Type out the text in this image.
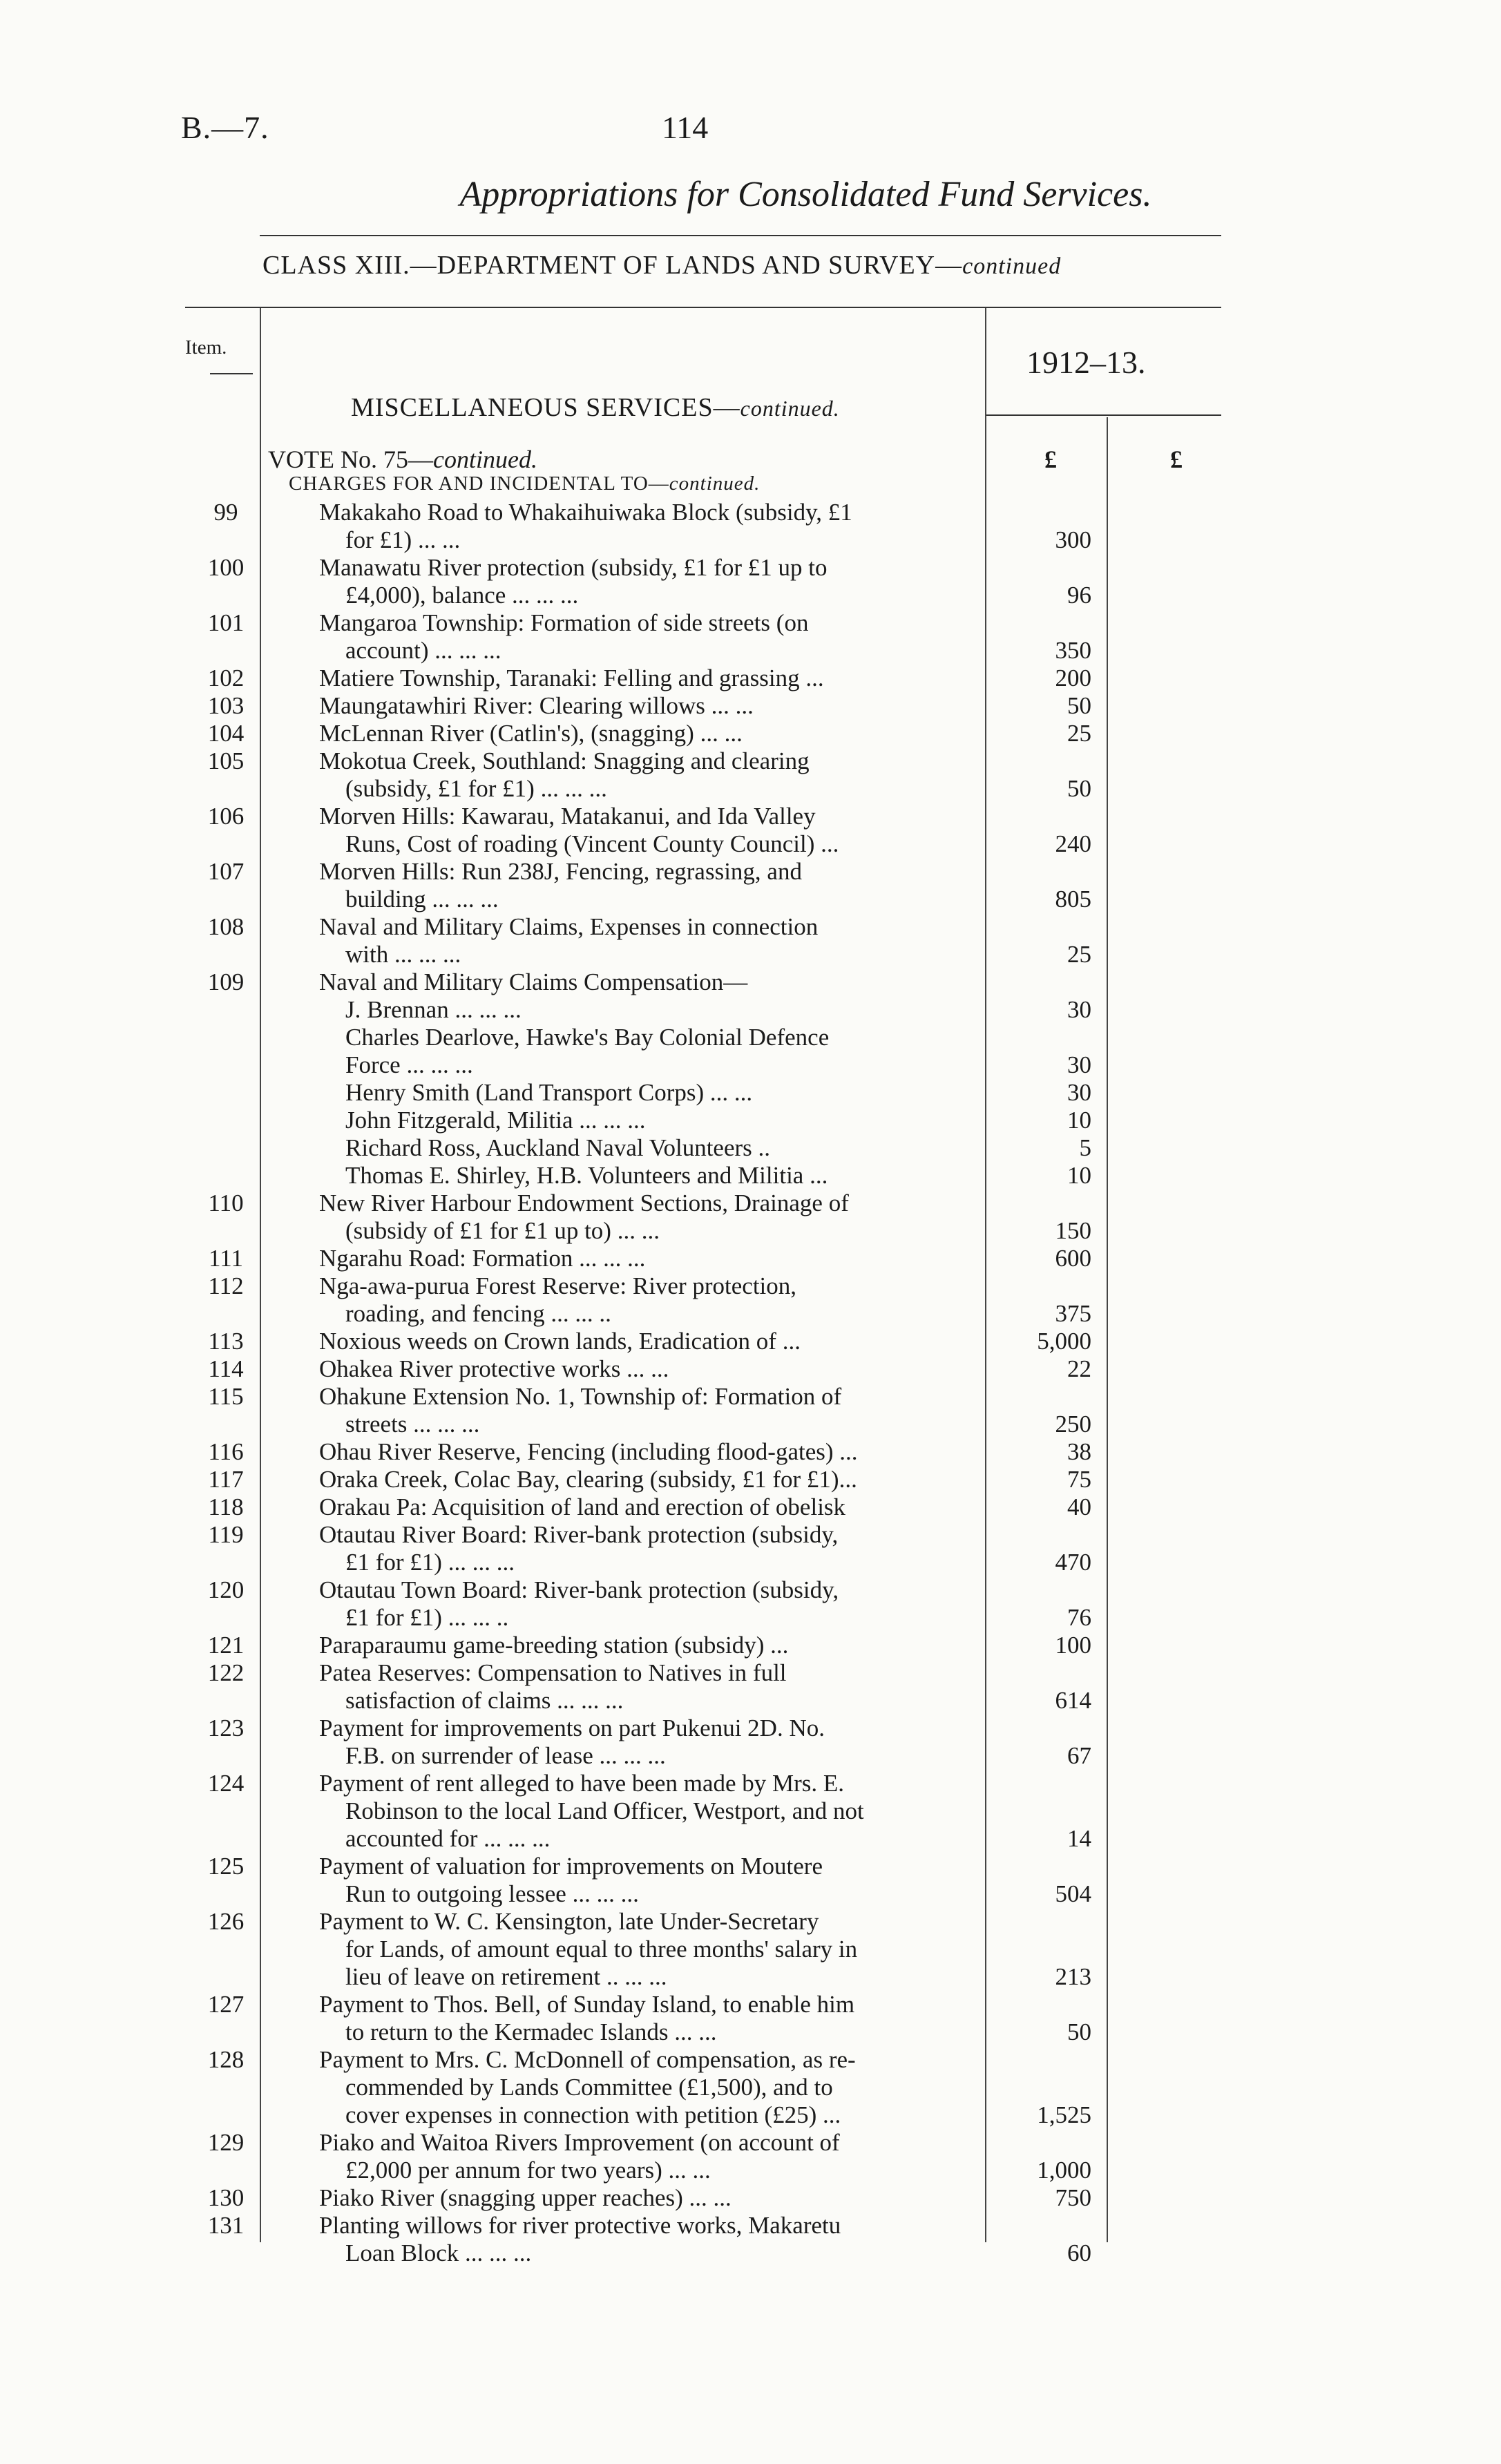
B.—7.	114
Appropriations for Consolidated Fund Services.
CLASS XIII.—DEPARTMENT OF LANDS AND SURVEY—continued
Item.	1912–13.
MISCELLANEOUS SERVICES—continued.
VOTE No. 75—continued.
CHARGES FOR AND INCIDENTAL TO—continued.
£	£
99	Makakaho Road to Whakaihuiwaka Block (subsidy, £1
for £1) ... ...	300
100	Manawatu River protection (subsidy, £1 for £1 up to
£4,000), balance ... ... ...	96
101	Mangaroa Township: Formation of side streets (on
account) ... ... ...	350
102	Matiere Township, Taranaki: Felling and grassing ...	200
103	Maungatawhiri River: Clearing willows ... ...	50
104	McLennan River (Catlin's), (snagging) ... ...	25
105	Mokotua Creek, Southland: Snagging and clearing
(subsidy, £1 for £1) ... ... ...	50
106	Morven Hills: Kawarau, Matakanui, and Ida Valley
Runs, Cost of roading (Vincent County Council) ...	240
107	Morven Hills: Run 238J, Fencing, regrassing, and
building ... ... ...	805
108	Naval and Military Claims, Expenses in connection
with ... ... ...	25
109	Naval and Military Claims Compensation—
J. Brennan ... ... ...	30
Charles Dearlove, Hawke's Bay Colonial Defence
Force ... ... ...	30
Henry Smith (Land Transport Corps) ... ...	30
John Fitzgerald, Militia ... ... ...	10
Richard Ross, Auckland Naval Volunteers ..	5
Thomas E. Shirley, H.B. Volunteers and Militia ...	10
110	New River Harbour Endowment Sections, Drainage of
(subsidy of £1 for £1 up to) ... ...	150
111	Ngarahu Road: Formation ... ... ...	600
112	Nga-awa-purua Forest Reserve: River protection,
roading, and fencing ... ... ..	375
113	Noxious weeds on Crown lands, Eradication of ...	5,000
114	Ohakea River protective works ... ...	22
115	Ohakune Extension No. 1, Township of: Formation of
streets ... ... ...	250
116	Ohau River Reserve, Fencing (including flood-gates) ...	38
117	Oraka Creek, Colac Bay, clearing (subsidy, £1 for £1)...	75
118	Orakau Pa: Acquisition of land and erection of obelisk	40
119	Otautau River Board: River-bank protection (subsidy,
£1 for £1) ... ... ...	470
120	Otautau Town Board: River-bank protection (subsidy,
£1 for £1) ... ... ..	76
121	Paraparaumu game-breeding station (subsidy) ...	100
122	Patea Reserves: Compensation to Natives in full
satisfaction of claims ... ... ...	614
123	Payment for improvements on part Pukenui 2D. No.
F.B. on surrender of lease ... ... ...	67
124	Payment of rent alleged to have been made by Mrs. E.
Robinson to the local Land Officer, Westport, and not
accounted for ... ... ...	14
125	Payment of valuation for improvements on Moutere
Run to outgoing lessee ... ... ...	504
126	Payment to W. C. Kensington, late Under-Secretary
for Lands, of amount equal to three months' salary in
lieu of leave on retirement .. ... ...	213
127	Payment to Thos. Bell, of Sunday Island, to enable him
to return to the Kermadec Islands ... ...	50
128	Payment to Mrs. C. McDonnell of compensation, as re-
commended by Lands Committee (£1,500), and to
cover expenses in connection with petition (£25) ...	1,525
129	Piako and Waitoa Rivers Improvement (on account of
£2,000 per annum for two years) ... ...	1,000
130	Piako River (snagging upper reaches) ... ...	750
131	Planting willows for river protective works, Makaretu
Loan Block ... ... ...	60
